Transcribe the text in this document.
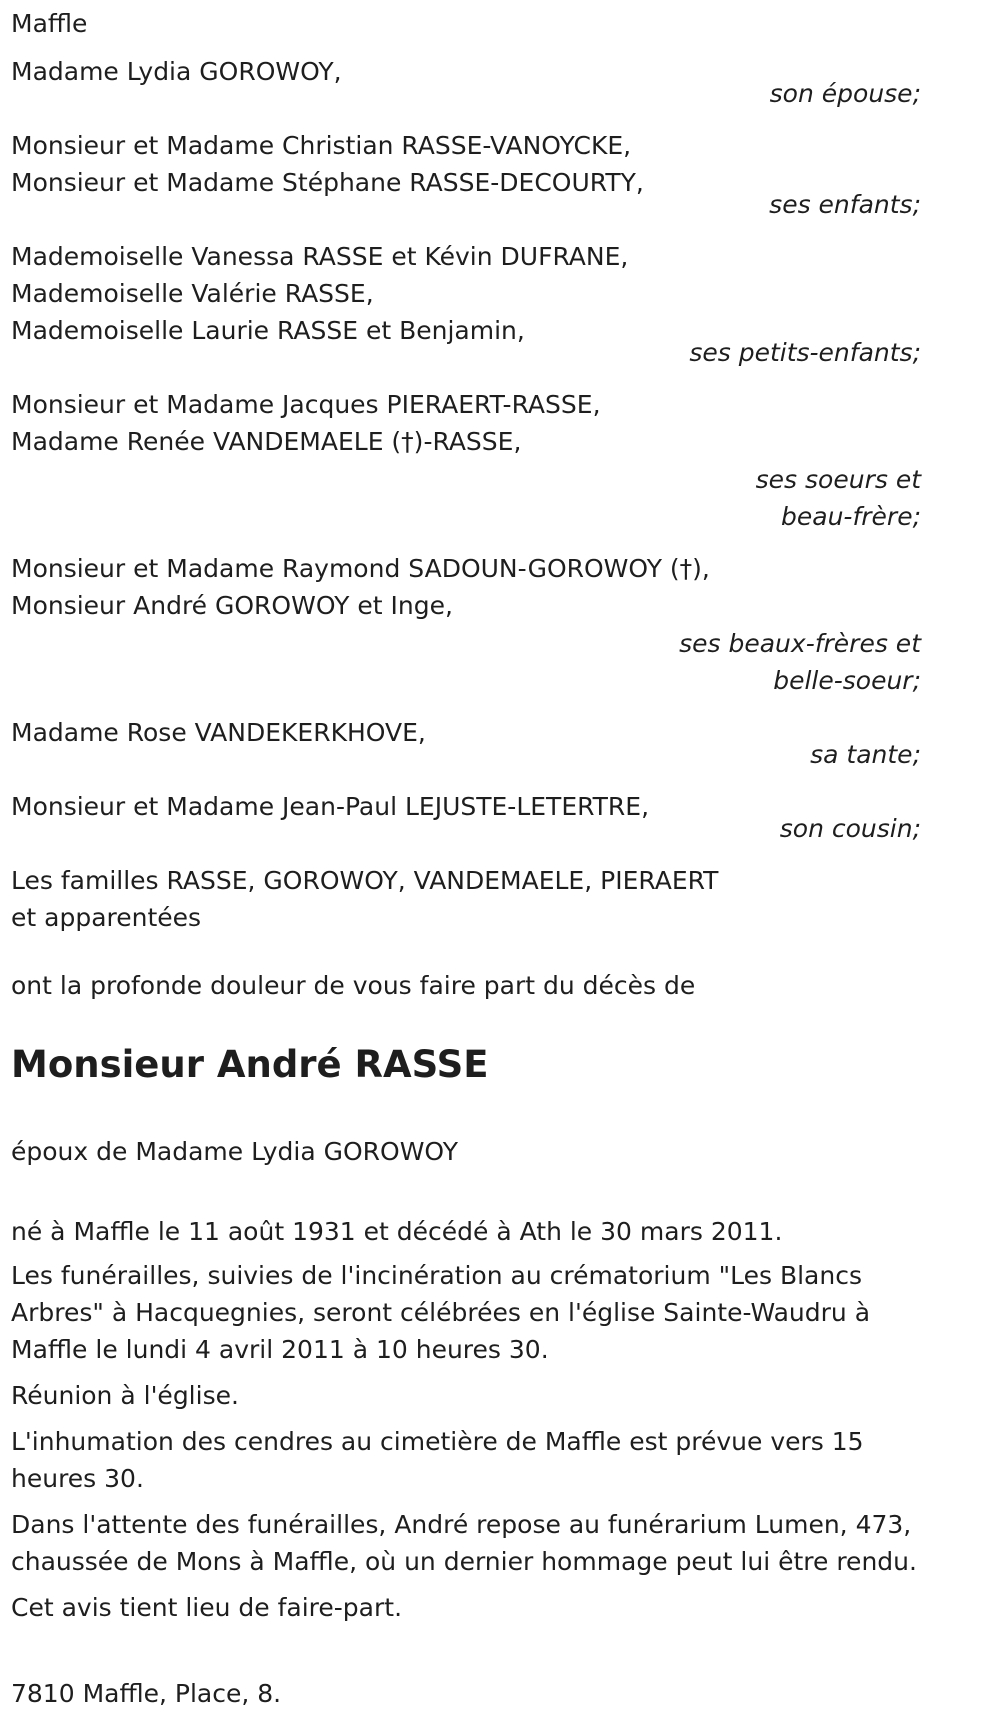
Maffle
Madame Lydia GOROWOY,
son épouse;
Monsieur et Madame Christian RASSE-VANOYCKE,
Monsieur et Madame Stéphane RASSE-DECOURTY,
ses enfants;
Mademoiselle Vanessa RASSE et Kévin DUFRANE,
Mademoiselle Valérie RASSE,
Mademoiselle Laurie RASSE et Benjamin,
ses petits-enfants;
Monsieur et Madame Jacques PIERAERT-RASSE,
Madame Renée VANDEMAELE (†)-RASSE,
ses soeurs et
beau-frère;
Monsieur et Madame Raymond SADOUN-GOROWOY (†),
Monsieur André GOROWOY et Inge,
ses beaux-frères et
belle-soeur;
Madame Rose VANDEKERKHOVE,
sa tante;
Monsieur et Madame Jean-Paul LEJUSTE-LETERTRE,
son cousin;
Les familles RASSE, GOROWOY, VANDEMAELE, PIERAERT
et apparentées
ont la profonde douleur de vous faire part du décès de
Monsieur André RASSE
époux de Madame Lydia GOROWOY
né à Maffle le 11 août 1931 et décédé à Ath le 30 mars 2011.
Les funérailles, suivies de l'incinération au crématorium "Les Blancs
Arbres" à Hacquegnies, seront célébrées en l'église Sainte-Waudru à
Maffle le lundi 4 avril 2011 à 10 heures 30.
Réunion à l'église.
L'inhumation des cendres au cimetière de Maffle est prévue vers 15
heures 30.
Dans l'attente des funérailles, André repose au funérarium Lumen, 473,
chaussée de Mons à Maffle, où un dernier hommage peut lui être rendu.
Cet avis tient lieu de faire-part.
7810 Maffle, Place, 8.
